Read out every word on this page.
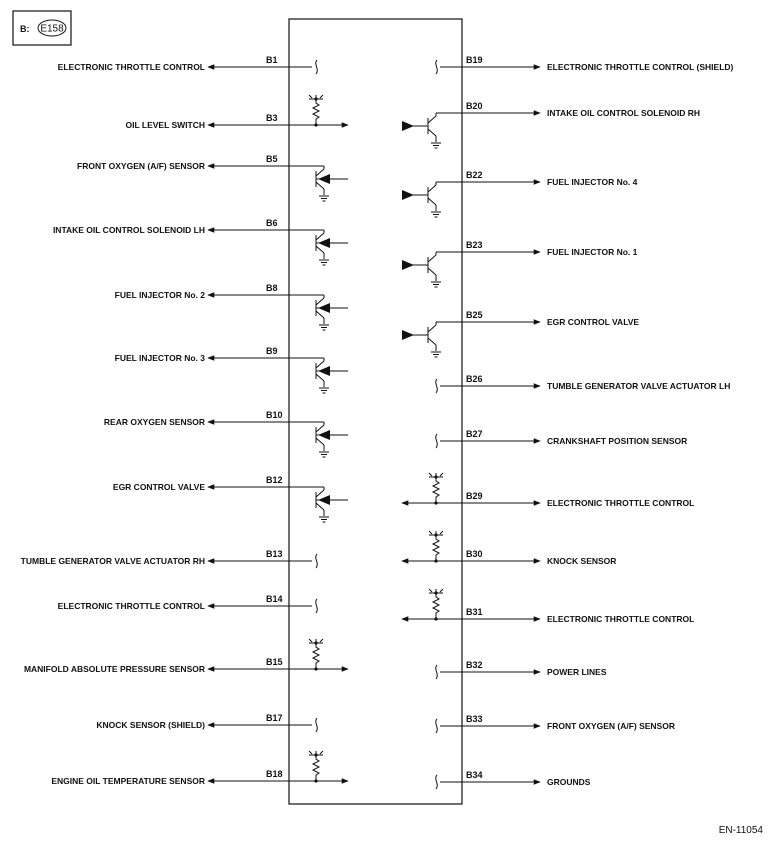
B: E158
B1
ELECTRONIC THROTTLE CONTROL
B3
OIL LEVEL SWITCH
B5
FRONT OXYGEN (A/F) SENSOR
B6
INTAKE OIL CONTROL SOLENOID LH
B8
FUEL INJECTOR No. 2
B9
FUEL INJECTOR No. 3
B10
REAR OXYGEN SENSOR
B12
EGR CONTROL VALVE
B13
TUMBLE GENERATOR VALVE ACTUATOR RH
B14
ELECTRONIC THROTTLE CONTROL
B15
MANIFOLD ABSOLUTE PRESSURE SENSOR
B17
KNOCK SENSOR (SHIELD)
B18
ENGINE OIL TEMPERATURE SENSOR
B19
ELECTRONIC THROTTLE CONTROL (SHIELD)
B20
INTAKE OIL CONTROL SOLENOID RH
B22
FUEL INJECTOR No. 4
B23
FUEL INJECTOR No. 1
B25
EGR CONTROL VALVE
B26
TUMBLE GENERATOR VALVE ACTUATOR LH
B27
CRANKSHAFT POSITION SENSOR
B29
ELECTRONIC THROTTLE CONTROL
B30
KNOCK SENSOR
B31
ELECTRONIC THROTTLE CONTROL
B32
POWER LINES
B33
FRONT OXYGEN (A/F) SENSOR
B34
GROUNDS
EN-11054
